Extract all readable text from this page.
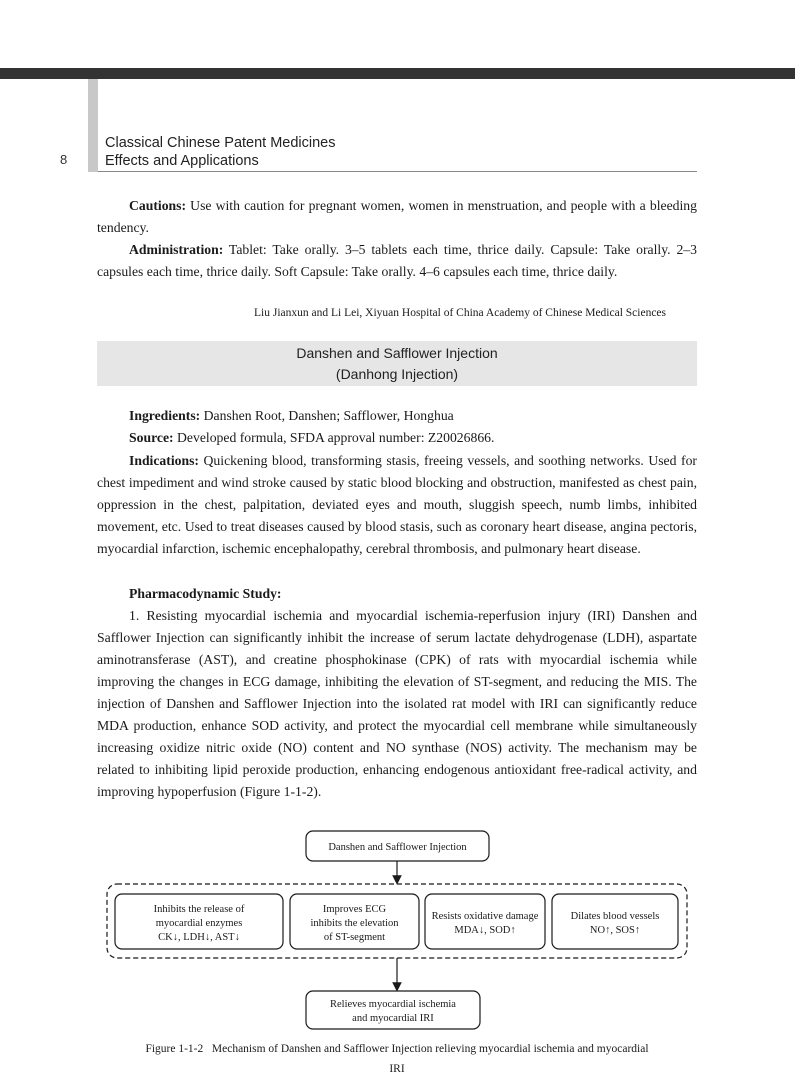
8
Classical Chinese Patent Medicines
Effects and Applications

Cautions: Use with caution for pregnant women, women in menstruation, and people with a bleeding tendency.

Administration: Tablet: Take orally. 3–5 tablets each time, thrice daily. Capsule: Take orally. 2–3 capsules each time, thrice daily. Soft Capsule: Take orally. 4–6 capsules each time, thrice daily.

Liu Jianxun and Li Lei, Xiyuan Hospital of China Academy of Chinese Medical Sciences
Danshen and Safflower Injection
(Danhong Injection)

Ingredients: Danshen Root, Danshen; Safflower, Honghua

Source: Developed formula, SFDA approval number: Z20026866.

Indications: Quickening blood, transforming stasis, freeing vessels, and soothing networks. Used for chest impediment and wind stroke caused by static blood blocking and obstruction, manifested as chest pain, oppression in the chest, palpitation, deviated eyes and mouth, sluggish speech, numb limbs, inhibited movement, etc. Used to treat diseases caused by blood stasis, such as coronary heart disease, angina pectoris, myocardial infarction, ischemic encephalopathy, cerebral thrombosis, and pulmonary heart disease.

Pharmacodynamic Study:

1. Resisting myocardial ischemia and myocardial ischemia-reperfusion injury (IRI) Danshen and Safflower Injection can significantly inhibit the increase of serum lactate dehydrogenase (LDH), aspartate aminotransferase (AST), and creatine phosphokinase (CPK) of rats with myocardial ischemia while improving the changes in ECG damage, inhibiting the elevation of ST-segment, and reducing the MIS. The injection of Danshen and Safflower Injection into the isolated rat model with IRI can significantly reduce MDA production, enhance SOD activity, and protect the myocardial cell membrane while simultaneously increasing oxidize nitric oxide (NO) content and NO synthase (NOS) activity. The mechanism may be related to inhibiting lipid peroxide production, enhancing endogenous antioxidant free-radical activity, and improving hypoperfusion (Figure 1-1-2).

Danshen and Safflower Injection
Inhibits the release of
myocardial enzymes
CK↓, LDH↓, AST↓
Improves ECG
inhibits the elevation
of ST-segment
Resists oxidative damage
MDA↓, SOD↑
Dilates blood vessels
NO↑, SOS↑
Relieves myocardial ischemia
and myocardial IRI
Figure 1-1-2   Mechanism of Danshen and Safflower Injection relieving myocardial ischemia and myocardial
IRI
